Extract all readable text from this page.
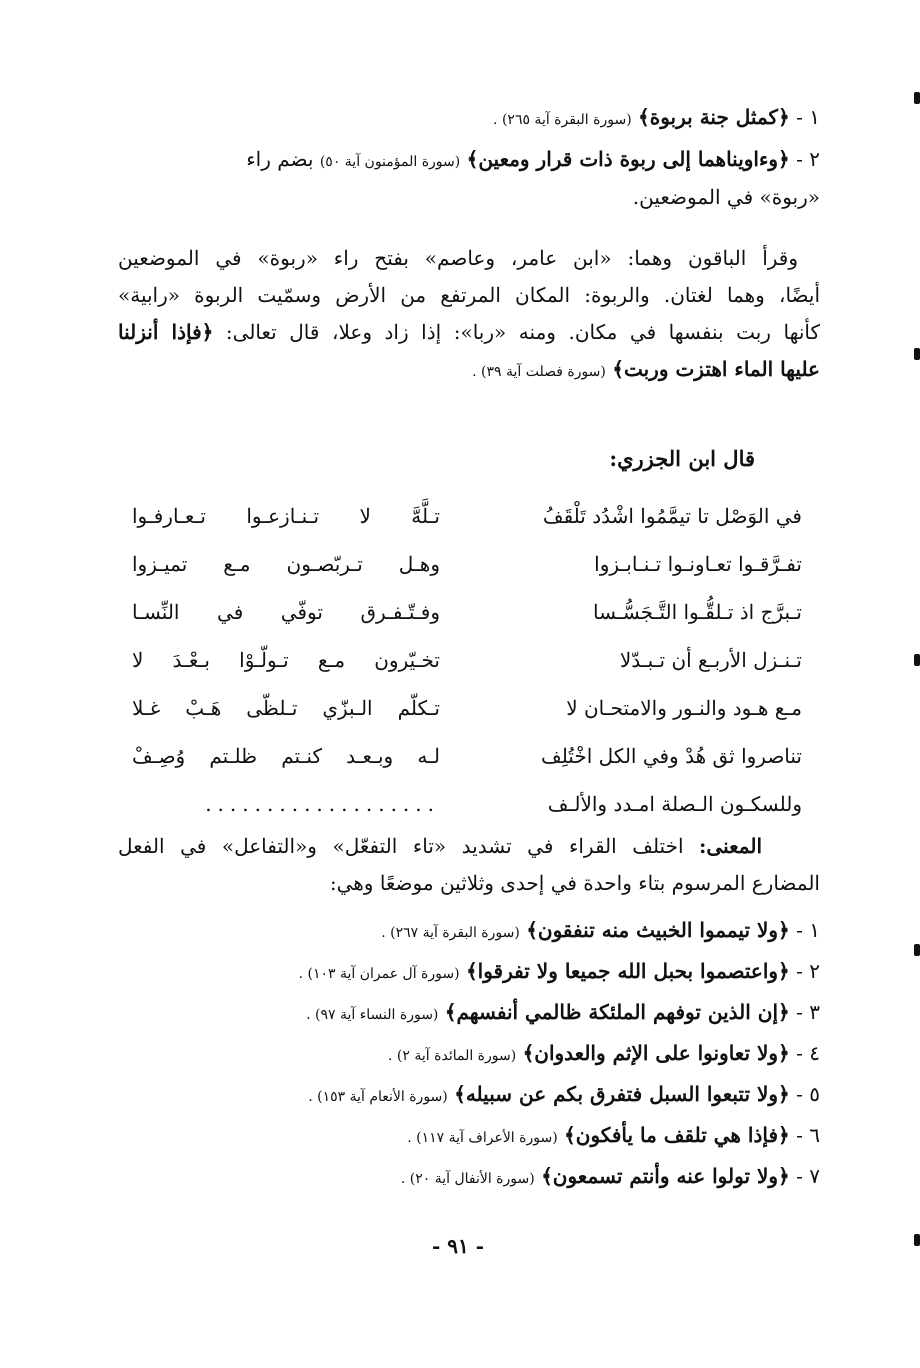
١ - ﴿كمثل جنة بربوة﴾ (سورة البقرة آية ٢٦٥) .
٢ - ﴿وءاويناهما إلى ربوة ذات قرار ومعين﴾ (سورة المؤمنون آية ٥٠) بضم راء
«ربوة» في الموضعين.
وقرأ الباقون وهما: «ابن عامر، وعاصم» بفتح راء «ربوة» في الموضعين
أيضًا، وهما لغتان. والربوة: المكان المرتفع من الأرض وسمّيت الربوة «رابية»
كأنها ربت بنفسها في مكان. ومنه «ربا»: إذا زاد وعلا، قال تعالى: ﴿فإذا أنزلنا
عليها الماء اهتزت وربت﴾ (سورة فصلت آية ٣٩) .
قال ابن الجزري:
في الوَصْل تا تيمَّمُوا اشْدُد تَلْقَفُ
تفـرَّقـوا تعـاونـوا تـنـابـزوا
تـبرَّج اذ تـلقُّـوا التَّـجَسُّـسا
تـنـزل الأربـع أن تـبـدّلا
مـع هـود والنـور والامتحـان لا
تناصروا ثق هُدْ وفي الكل اخْتُلِف
وللسكـون الـصلة امـدد والألـف
تـلَّهَّ لا تـنـازعـوا تـعـارفـوا
وهـل تـربّصـون مـع تميـزوا
وفـتّـفـرق توفّي في النِّسـا
تخـيّرون مـع تـولّـوْا بـعْـدَ لا
تـكلّم الـبزّي تـلظّى هَـبْ غـلا
لـه وبـعـد كنـتم ظلـتم وُصِـفْ
...................
المعنى: اختلف القراء في تشديد «تاء التفعّل» و«التفاعل» في الفعل
المضارع المرسوم بتاء واحدة في إحدى وثلاثين موضعًا وهي:
١ - ﴿ولا تيمموا الخبيث منه تنفقون﴾ (سورة البقرة آية ٢٦٧) .
٢ - ﴿واعتصموا بحبل الله جميعا ولا تفرقوا﴾ (سورة آل عمران آية ١٠٣) .
٣ - ﴿إن الذين توفهم الملئكة ظالمي أنفسهم﴾ (سورة النساء آية ٩٧) .
٤ - ﴿ولا تعاونوا على الإثم والعدوان﴾ (سورة المائدة آية ٢) .
٥ - ﴿ولا تتبعوا السبل فتفرق بكم عن سبيله﴾ (سورة الأنعام آية ١٥٣) .
٦ - ﴿فإذا هي تلقف ما يأفكون﴾ (سورة الأعراف آية ١١٧) .
٧ - ﴿ولا تولوا عنه وأنتم تسمعون﴾ (سورة الأنفال آية ٢٠) .
- ٩١ -
